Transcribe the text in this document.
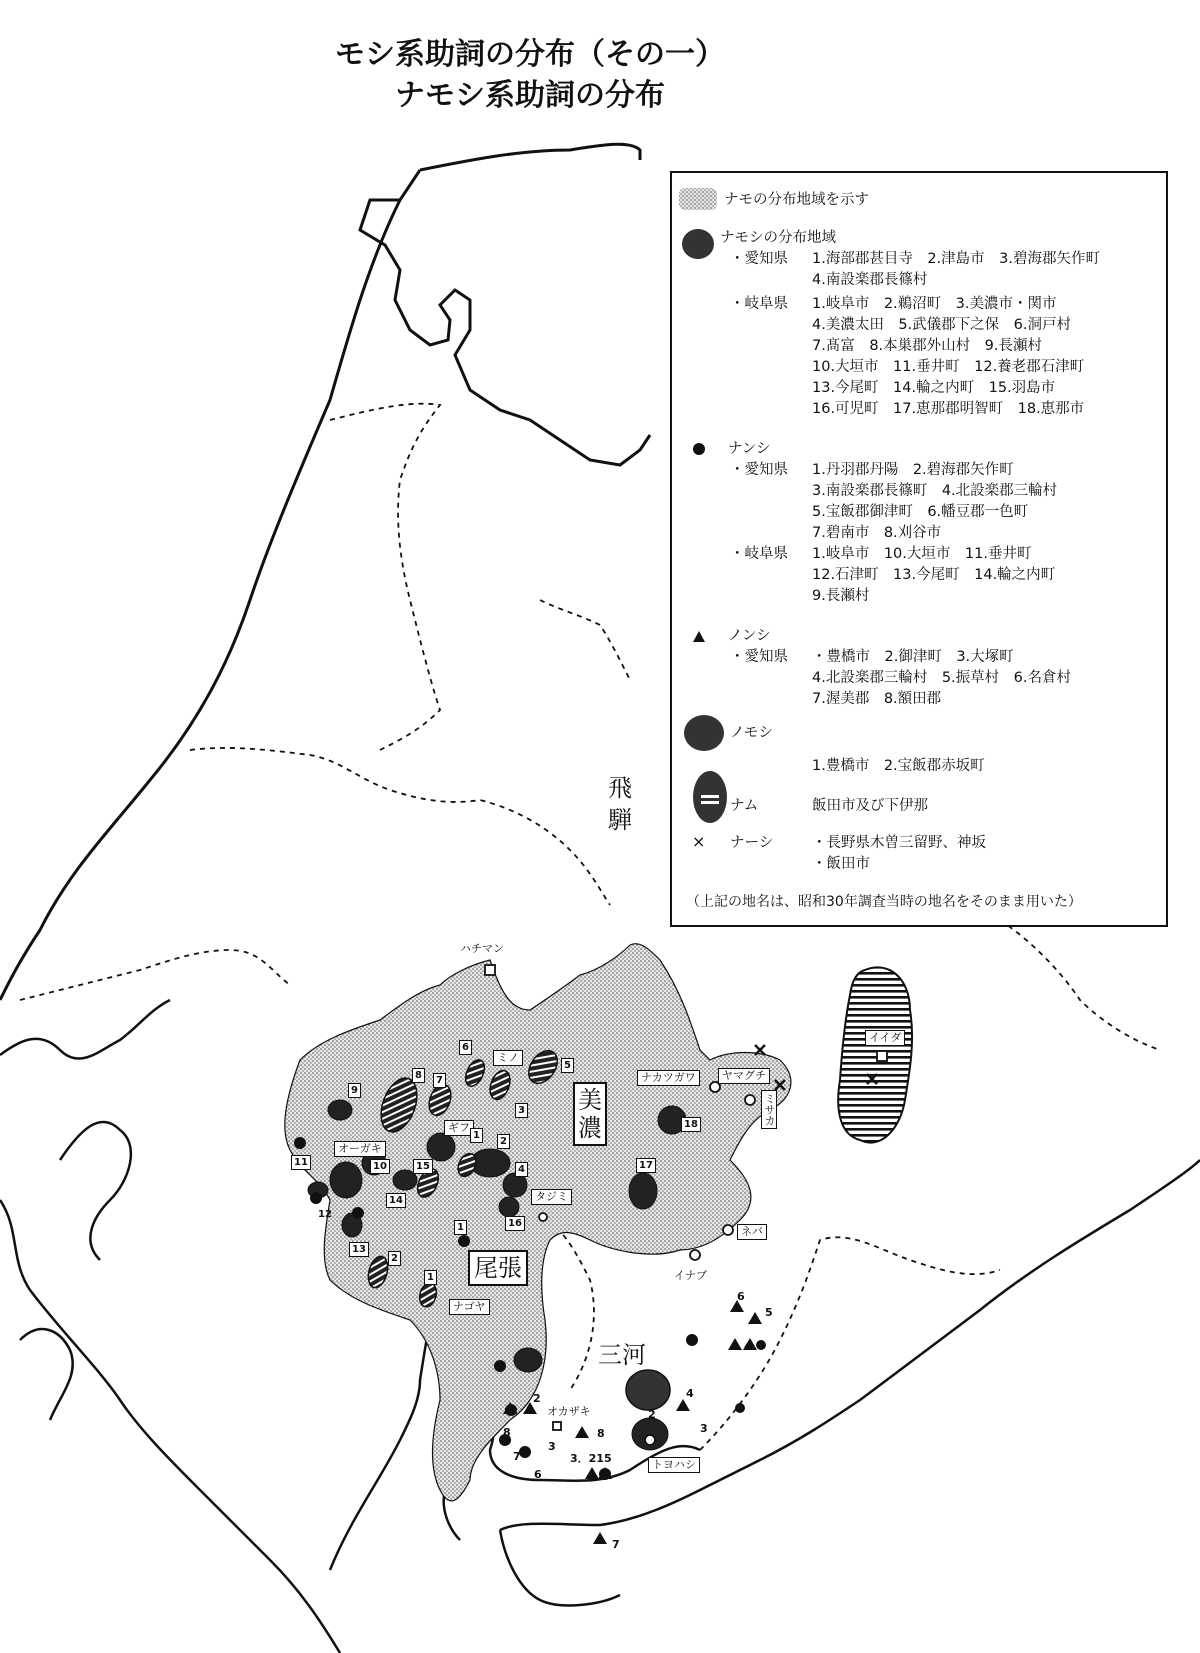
モシ系助詞の分布（その一）
ナモシ系助詞の分布
飛
騨
美
濃
尾張
三河
ハチマン
ミノ
ギフ
オーガキ
タジミ
ナゴヤ
ナカツガワ	ヤマグチ
ミサカ
イイダ
ネバ
イナブ
オカザキ
トヨハシ
1
2
3
4
5
6
7
8
9
10
11
12
13
14
15
16
17
18
1
1
2
2
3
8
7
6
8
3．215
2
4
3
6
5
4
7
ナモの分布地域を示す
ナモシの分布地域
・愛知県 1.海部郡甚目寺　2.津島市　3.碧海郡矢作町
4.南設楽郡長篠村
・岐阜県 1.岐阜市　2.鵜沼町　3.美濃市・関市
4.美濃太田　5.武儀郡下之保　6.洞戸村
7.髙富　8.本巣郡外山村　9.長瀬村
10.大垣市　11.垂井町　12.養老郡石津町
13.今尾町　14.輪之内町　15.羽島市
16.可児町　17.恵那郡明智町　18.恵那市
ナンシ
・愛知県 1.丹羽郡丹陽　2.碧海郡矢作町
3.南設楽郡長篠町　4.北設楽郡三輪村
5.宝飯郡御津町　6.幡豆郡一色町
7.碧南市　8.刈谷市
・岐阜県 1.岐阜市　10.大垣市　11.垂井町
12.石津町　13.今尾町　14.輪之内町
9.長瀬村
ノンシ
・愛知県 ・豊橋市　2.御津町　3.大塚町
4.北設楽郡三輪村　5.振草村　6.名倉村
7.渥美郡　8.額田郡
ノモシ
1.豊橋市　2.宝飯郡赤坂町
ナム	飯田市及び下伊那
× ナーシ	・長野県木曽三留野、神坂
・飯田市
（上記の地名は、昭和30年調査当時の地名をそのまま用いた）
